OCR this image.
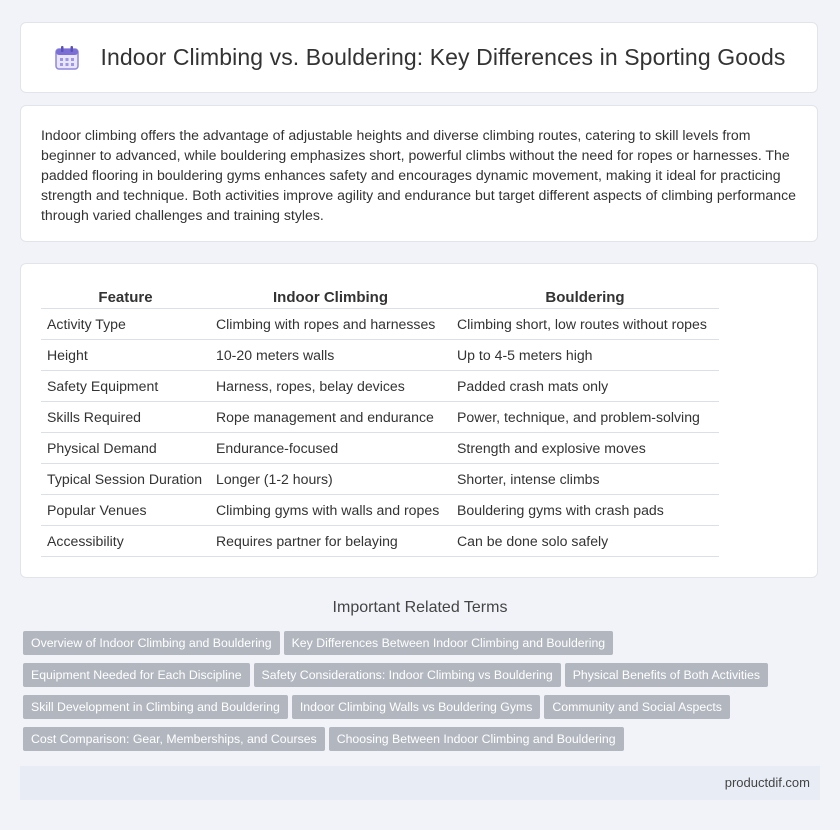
Indoor Climbing vs. Bouldering: Key Differences in Sporting Goods

Indoor climbing offers the advantage of adjustable heights and diverse climbing routes, catering to skill levels from beginner to advanced, while bouldering emphasizes short, powerful climbs without the need for ropes or harnesses. The padded flooring in bouldering gyms enhances safety and encourages dynamic movement, making it ideal for practicing strength and technique. Both activities improve agility and endurance but target different aspects of climbing performance through varied challenges and training styles.

Feature	Indoor Climbing	Bouldering
Activity Type	Climbing with ropes and harnesses	Climbing short, low routes without ropes
Height	10-20 meters walls	Up to 4-5 meters high
Safety Equipment	Harness, ropes, belay devices	Padded crash mats only
Skills Required	Rope management and endurance	Power, technique, and problem-solving
Physical Demand	Endurance-focused	Strength and explosive moves
Typical Session Duration	Longer (1-2 hours)	Shorter, intense climbs
Popular Venues	Climbing gyms with walls and ropes	Bouldering gyms with crash pads
Accessibility	Requires partner for belaying	Can be done solo safely
Important Related Terms
Overview of Indoor Climbing and Bouldering Key Differences Between Indoor Climbing and Bouldering
Equipment Needed for Each Discipline Safety Considerations: Indoor Climbing vs Bouldering Physical Benefits of Both Activities
Skill Development in Climbing and Bouldering Indoor Climbing Walls vs Bouldering Gyms Community and Social Aspects
Cost Comparison: Gear, Memberships, and Courses Choosing Between Indoor Climbing and Bouldering
productdif.com
